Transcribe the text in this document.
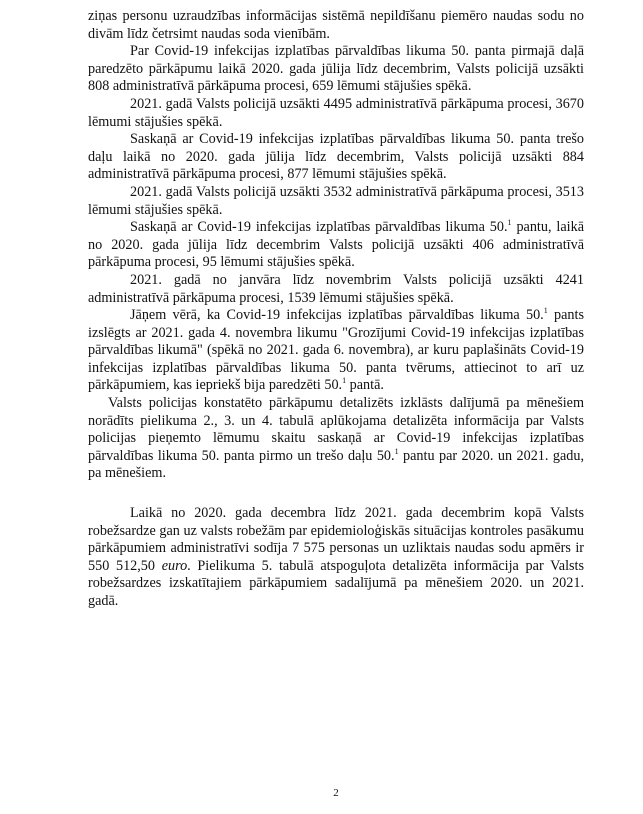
ziņas personu uzraudzības informācijas sistēmā nepildīšanu piemēro naudas sodu no divām līdz četrsimt naudas soda vienībām.

Par Covid-19 infekcijas izplatības pārvaldības likuma 50. panta pirmajā daļā paredzēto pārkāpumu laikā 2020. gada jūlija līdz decembrim, Valsts policijā uzsākti 808 administratīvā pārkāpuma procesi, 659 lēmumi stājušies spēkā.

2021. gadā Valsts policijā uzsākti 4495 administratīvā pārkāpuma procesi, 3670 lēmumi stājušies spēkā.

Saskaņā ar Covid-19 infekcijas izplatības pārvaldības likuma 50. panta trešo daļu laikā no 2020. gada jūlija līdz decembrim, Valsts policijā uzsākti 884 administratīvā pārkāpuma procesi, 877 lēmumi stājušies spēkā.

2021. gadā Valsts policijā uzsākti 3532 administratīvā pārkāpuma procesi, 3513 lēmumi stājušies spēkā.

Saskaņā ar Covid-19 infekcijas izplatības pārvaldības likuma 50.$^1$ pantu, laikā no 2020. gada jūlija līdz decembrim Valsts policijā uzsākti 406 administratīvā pārkāpuma procesi, 95 lēmumi stājušies spēkā.

2021. gadā no janvāra līdz novembrim Valsts policijā uzsākti 4241 administratīvā pārkāpuma procesi, 1539 lēmumi stājušies spēkā.

Jāņem vērā, ka Covid-19 infekcijas izplatības pārvaldības likuma 50.$^1$ pants izslēgts ar 2021. gada 4. novembra likumu "Grozījumi Covid-19 infekcijas izplatības pārvaldības likumā" (spēkā no 2021. gada 6. novembra), ar kuru paplašināts Covid-19 infekcijas izplatības pārvaldības likuma 50. panta tvērums, attiecinot to arī uz pārkāpumiem, kas iepriekš bija paredzēti 50.$^1$ pantā.

Valsts policijas konstatēto pārkāpumu detalizēts izklāsts dalījumā pa mēnešiem norādīts pielikuma 2., 3. un 4. tabulā aplūkojama detalizēta informācija par Valsts policijas pieņemto lēmumu skaitu saskaņā ar Covid-19 infekcijas izplatības pārvaldības likuma 50. panta pirmo un trešo daļu 50.$^1$ pantu par 2020. un 2021. gadu, pa mēnešiem.

Laikā no 2020. gada decembra līdz 2021. gada decembrim kopā Valsts robežsardze gan uz valsts robežām par epidemioloģiskās situācijas kontroles pasākumu pārkāpumiem administratīvi sodīja 7 575 personas un uzliktais naudas sodu apmērs ir 550 512,50 euro. Pielikuma 5. tabulā atspoguļota detalizēta informācija par Valsts robežsardzes izskatītajiem pārkāpumiem sadalījumā pa mēnešiem 2020. un 2021. gadā.

2
